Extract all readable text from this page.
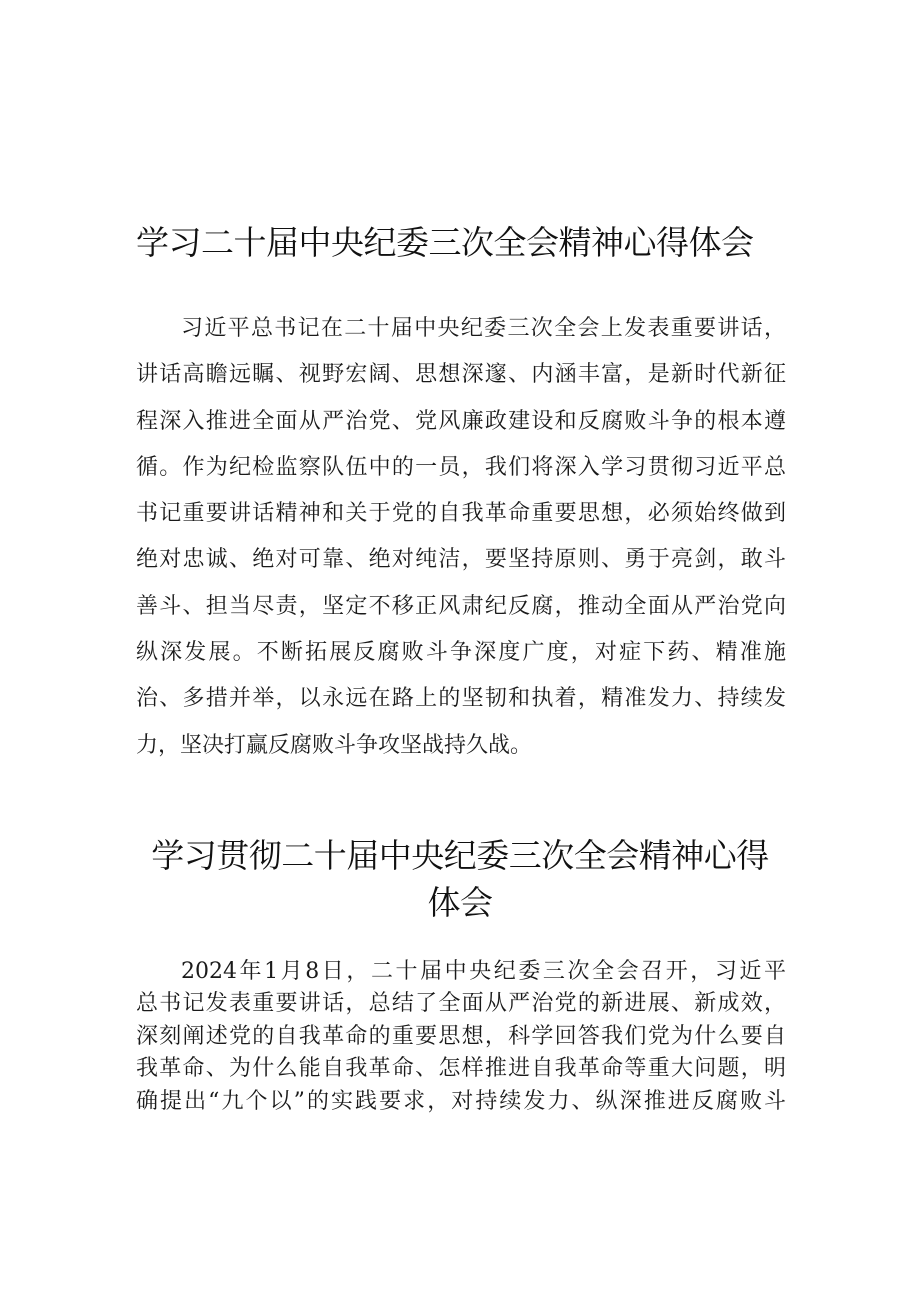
学习二十届中央纪委三次全会精神心得体会
习近平总书记在二十届中央纪委三次全会上发表重要讲话，
讲话高瞻远瞩、视野宏阔、思想深邃、内涵丰富，是新时代新征
程深入推进全面从严治党、党风廉政建设和反腐败斗争的根本遵
循。作为纪检监察队伍中的一员，我们将深入学习贯彻习近平总
书记重要讲话精神和关于党的自我革命重要思想，必须始终做到
绝对忠诚、绝对可靠、绝对纯洁，要坚持原则、勇于亮剑，敢斗
善斗、担当尽责，坚定不移正风肃纪反腐，推动全面从严治党向
纵深发展。不断拓展反腐败斗争深度广度，对症下药、精准施
治、多措并举，以永远在路上的坚韧和执着，精准发力、持续发
力，坚决打赢反腐败斗争攻坚战持久战。
学习贯彻二十届中央纪委三次全会精神心得
体会
2024年1月8日，二十届中央纪委三次全会召开，习近平
总书记发表重要讲话，总结了全面从严治党的新进展、新成效，
深刻阐述党的自我革命的重要思想，科学回答我们党为什么要自
我革命、为什么能自我革命、怎样推进自我革命等重大问题，明
确提出“九个以”的实践要求，对持续发力、纵深推进反腐败斗
